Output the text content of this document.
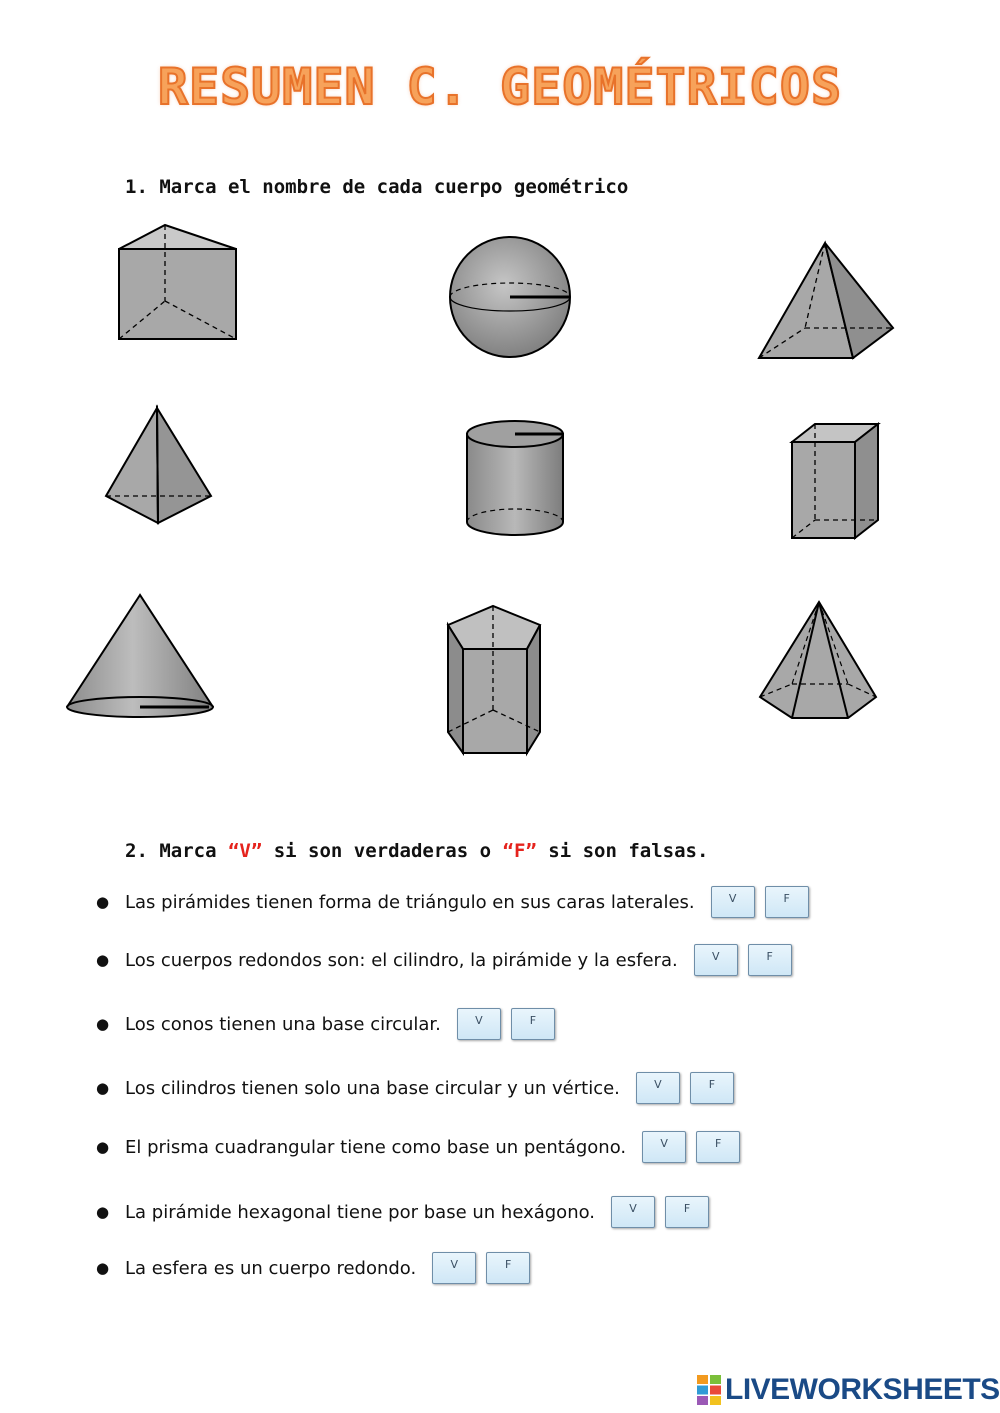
RESUMEN C. GEOMÉTRICOS
1. Marca el nombre de cada cuerpo geométrico
2. Marca “V” si son verdaderas o “F” si son falsas.
● Las pirámides tienen forma de triángulo en sus caras laterales.	V	F
● Los cuerpos redondos son: el cilindro, la pirámide y la esfera.	V	F
● Los conos tienen una base circular.	V	F
● Los cilindros tienen solo una base circular y un vértice.	V	F
● El prisma cuadrangular tiene como base un pentágono.	V	F
● La pirámide hexagonal tiene por base un hexágono.	V	F
● La esfera es un cuerpo redondo.	V	F
LIVEWORKSHEETS
